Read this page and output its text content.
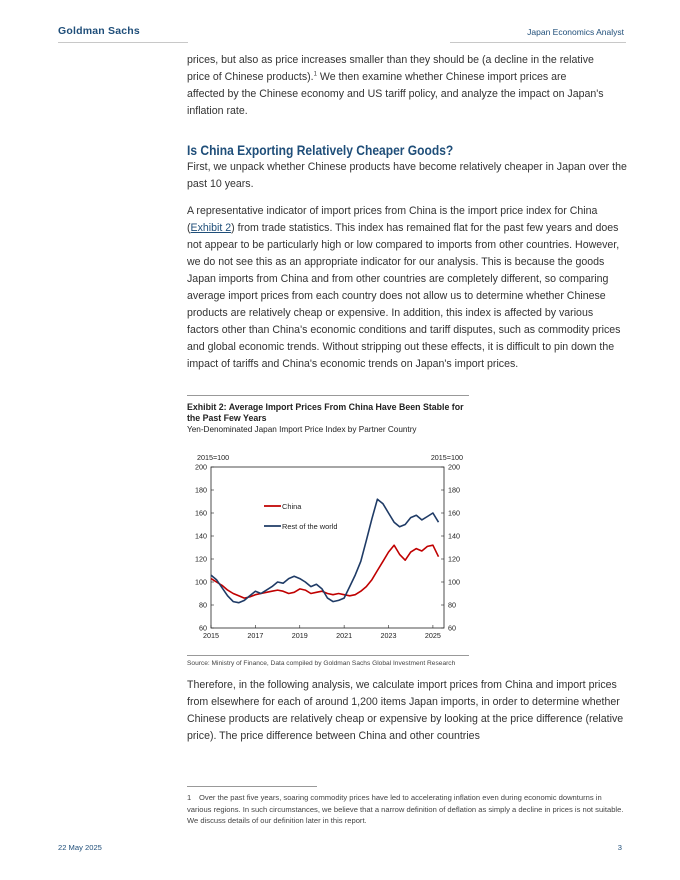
Goldman Sachs	Japan Economics Analyst
prices, but also as price increases smaller than they should be (a decline in the relative
price of Chinese products).$^1$ We then examine whether Chinese import prices are
affected by the Chinese economy and US tariff policy, and analyze the impact on Japan's
inflation rate.
Is China Exporting Relatively Cheaper Goods?
First, we unpack whether Chinese products have become relatively cheaper in Japan over the past 10 years.
A representative indicator of import prices from China is the import price index for China (Exhibit 2) from trade statistics. This index has remained flat for the past few years and does not appear to be particularly high or low compared to imports from other countries. However, we do not see this as an appropriate indicator for our analysis. This is because the goods Japan imports from China and from other countries are completely different, so comparing average import prices from each country does not allow us to determine whether Chinese products are relatively cheap or expensive. In addition, this index is affected by various factors other than China's economic conditions and tariff disputes, such as commodity prices and global economic trends. Without stripping out these effects, it is difficult to pin down the impact of tariffs and China's economic trends on Japan's import prices.
Exhibit 2: Average Import Prices From China Have Been Stable for the Past Few Years
Yen-Denominated Japan Import Price Index by Partner Country
2015=100	2015=100
60	60
80	80
100	100
120	120
140	140
160	160
180	180
200	200
2015	2017	2019	2021	2023	2025
China
Rest of the world
Source: Ministry of Finance, Data compiled by Goldman Sachs Global Investment Research
Therefore, in the following analysis, we calculate import prices from China and import prices from elsewhere for each of around 1,200 items Japan imports, in order to determine whether Chinese products are relatively cheap or expensive by looking at the price difference (relative price). The price difference between China and other countries
1 Over the past five years, soaring commodity prices have led to accelerating inflation even during economic downturns in various regions. In such circumstances, we believe that a narrow definition of deflation as simply a decline in prices is not suitable. We discuss details of our definition later in this report.
22 May 2025	3
